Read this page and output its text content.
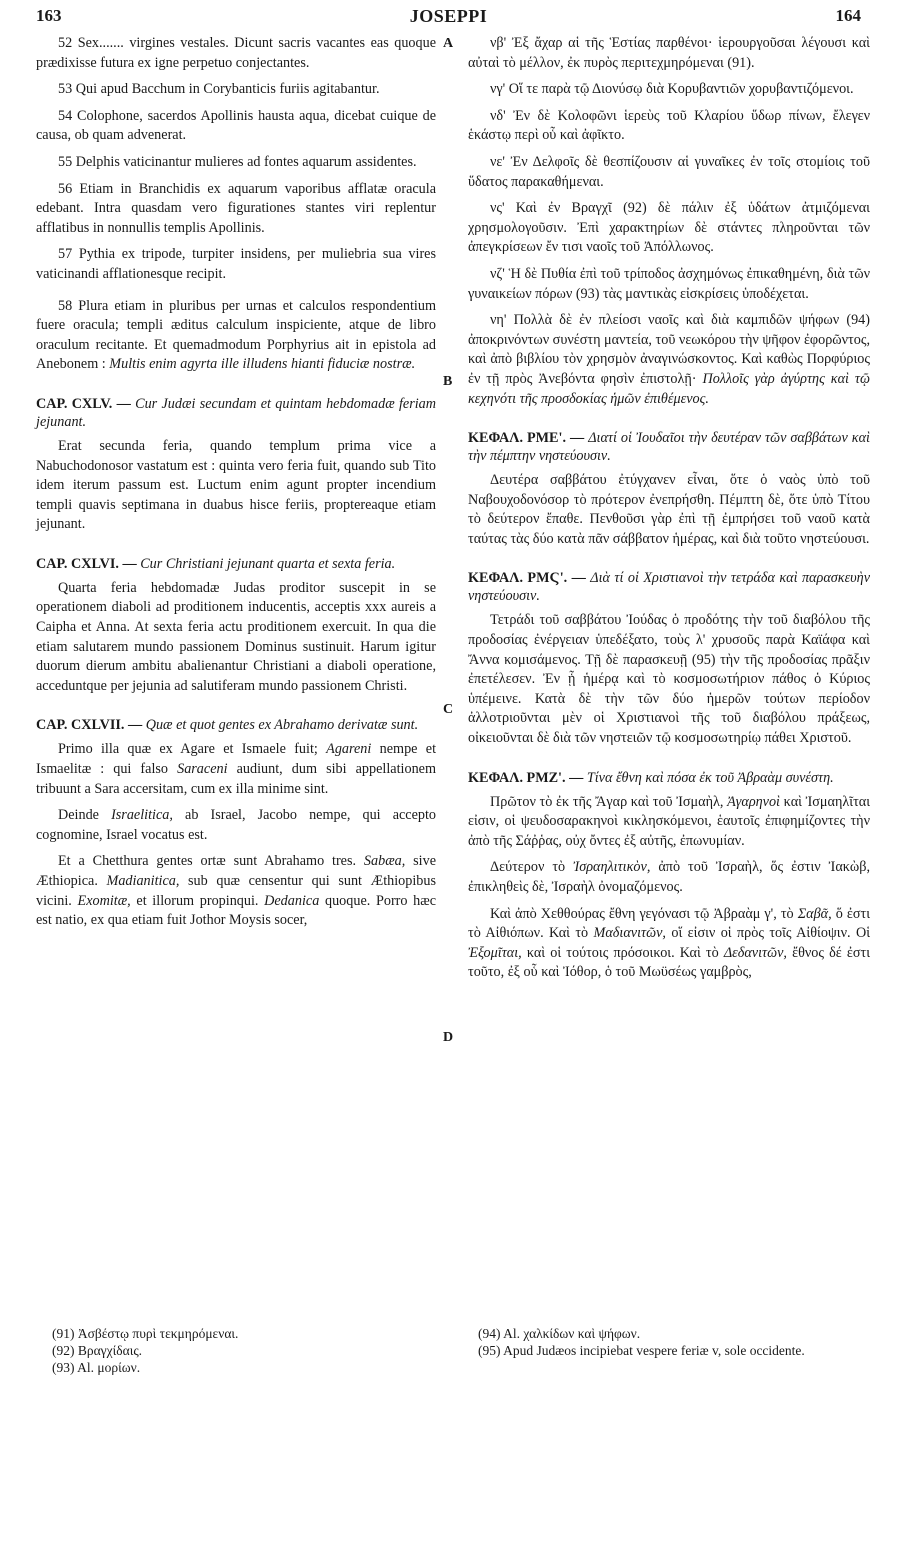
163	JOSEPPI	164
A
B
C
D

52 Sex....... virgines vestales. Dicunt sacris vacantes eas quoque prædixisse futura ex igne perpetuo conjectantes.

53 Qui apud Bacchum in Corybanticis furiis agitabantur.

54 Colophone, sacerdos Apollinis hausta aqua, dicebat cuique de causa, ob quam advenerat.

55 Delphis vaticinantur mulieres ad fontes aquarum assidentes.

56 Etiam in Branchidis ex aquarum vaporibus afflatæ oracula edebant. Intra quasdam vero figurationes stantes viri replentur afflatibus in nonnullis templis Apollinis.

57 Pythia ex tripode, turpiter insidens, per muliebria sua vires vaticinandi afflationesque recipit.

58 Plura etiam in pluribus per urnas et calculos respondentium fuere oracula; templi æditus calculum inspiciente, atque de libro oraculum recitante. Et quemadmodum Porphyrius ait in epistola ad Anebonem : Multis enim agyrta ille illudens hianti fiduciæ nostræ.

CAP. CXLV. — Cur Judæi secundam et quintam hebdomadæ feriam jejunant.

Erat secunda feria, quando templum prima vice a Nabuchodonosor vastatum est : quinta vero feria fuit, quando sub Tito idem iterum passum est. Luctum enim agunt propter incendium templi quavis septimana in duabus hisce feriis, proptereaque etiam jejunant.

CAP. CXLVI. — Cur Christiani jejunant quarta et sexta feria.

Quarta feria hebdomadæ Judas proditor suscepit in se operationem diaboli ad proditionem inducentis, acceptis xxx aureis a Caipha et Anna. At sexta feria actu proditionem exercuit. In qua die etiam salutarem mundo passionem Dominus sustinuit. Harum igitur duorum dierum ambitu abalienantur Christiani a diaboli operatione, acceduntque per jejunia ad salutiferam mundo passionem Christi.

CAP. CXLVII. — Quæ et quot gentes ex Abrahamo derivatæ sunt.

Primo illa quæ ex Agare et Ismaele fuit; Agareni nempe et Ismaelitæ : qui falso Saraceni audiunt, dum sibi appellationem tribuunt a Sara accersitam, cum ex illa minime sint.

Deinde Israelitica, ab Israel, Jacobo nempe, qui accepto cognomine, Israel vocatus est.

Et a Chetthura gentes ortæ sunt Abrahamo tres. Sabæa, sive Æthiopica. Madianitica, sub quæ censentur qui sunt Æthiopibus vicini. Exomitæ, et illorum propinqui. Dedanica quoque. Porro hæc est natio, ex qua etiam fuit Jothor Moysis socer,

νβ' Ἐξ ἄχαρ αἱ τῆς Ἑστίας παρθένοι· ἱερουργοῦσαι λέγουσι καὶ αὐταὶ τὸ μέλλον, ἐκ πυρὸς περιτεχμηρόμεναι (91).

νγ' Οἵ τε παρὰ τῷ Διονύσῳ διὰ Κορυβαντιῶν χορυβαντιζόμενοι.

νδ' Ἐν δὲ Κολοφῶνι ἱερεὺς τοῦ Κλαρίου ὕδωρ πίνων, ἔλεγεν ἑκάστῳ περὶ οὗ καὶ ἀφῖκτο.

νε' Ἐν Δελφοῖς δὲ θεσπίζουσιν αἱ γυναῖκες ἐν τοῖς στομίοις τοῦ ὕδατος παρακαθήμεναι.

νς' Καὶ ἐν Βραγχῖ (92) δὲ πάλιν ἐξ ὑδάτων ἀτμιζόμεναι χρησμολογοῦσιν. Ἐπὶ χαρακτηρίων δὲ στάντες πληροῦνται τῶν ἀπεγκρίσεων ἔν τισι ναοῖς τοῦ Ἀπόλλωνος.

νζ' Ἡ δὲ Πυθία ἐπὶ τοῦ τρίποδος ἀσχημόνως ἐπικαθημένη, διὰ τῶν γυναικείων πόρων (93) τὰς μαντικὰς εἰσκρίσεις ὑποδέχεται.

νη' Πολλὰ δὲ ἐν πλείοσι ναοῖς καὶ διὰ καμπιδῶν ψήφων (94) ἀποκρινόντων συνέστη μαντεία, τοῦ νεωκόρου τὴν ψῆφον ἐφορῶντος, καὶ ἀπὸ βιβλίου τὸν χρησμὸν ἀναγινώσκοντος. Καὶ καθὼς Πορφύριος ἐν τῇ πρὸς Ἀνεβόντα φησὶν ἐπιστολῇ· Πολλοῖς γὰρ ἀγύρτης καὶ τῷ κεχηνότι τῆς προσδοκίας ἡμῶν ἐπιθέμενος.

ΚΕΦΑΛ. ΡΜΕ'. — Διατί οἱ Ἰουδαῖοι τὴν δευτέραν τῶν σαββάτων καὶ τὴν πέμπτην νηστεύουσιν.

Δευτέρα σαββάτου ἐτύγχανεν εἶναι, ὅτε ὁ ναὸς ὑπὸ τοῦ Ναβουχοδονόσορ τὸ πρότερον ἐνεπρήσθη. Πέμπτη δὲ, ὅτε ὑπὸ Τίτου τὸ δεύτερον ἔπαθε. Πενθοῦσι γὰρ ἐπὶ τῇ ἐμπρήσει τοῦ ναοῦ κατὰ ταύτας τὰς δύο κατὰ πᾶν σάββατον ἡμέρας, καὶ διὰ τοῦτο νηστεύουσι.

ΚΕΦΑΛ. ΡΜϚ'. — Διὰ τί οἱ Χριστιανοὶ τὴν τετράδα καὶ παρασκευὴν νηστεύουσιν.

Τετράδι τοῦ σαββάτου Ἰούδας ὁ προδότης τὴν τοῦ διαβόλου τῆς προδοσίας ἐνέργειαν ὑπεδέξατο, τοὺς λ' χρυσοῦς παρὰ Καϊάφα καὶ Ἄννα κομισάμενος. Τῇ δὲ παρασκευῇ (95) τὴν τῆς προδοσίας πρᾶξιν ἐπετέλεσεν. Ἐν ᾗ ἡμέρᾳ καὶ τὸ κοσμοσωτήριον πάθος ὁ Κύριος ὑπέμεινε. Κατὰ δὲ τὴν τῶν δύο ἡμερῶν τούτων περίοδον ἀλλοτριοῦνται μὲν οἱ Χριστιανοὶ τῆς τοῦ διαβόλου πράξεως, οἰκειοῦνται δὲ διὰ τῶν νηστειῶν τῷ κοσμοσωτηρίῳ πάθει Χριστοῦ.

ΚΕΦΑΛ. ΡΜΖ'. — Τίνα ἔθνη καὶ πόσα ἐκ τοῦ Ἀβραὰμ συνέστη.

Πρῶτον τὸ ἐκ τῆς Ἄγαρ καὶ τοῦ Ἰσμαὴλ, Ἀγαρηνοὶ καὶ Ἰσμαηλῖται εἰσιν, οἱ ψευδοσαρακηνοὶ κικλησκόμενοι, ἑαυτοῖς ἐπιφημίζοντες τὴν ἀπὸ τῆς Σάῤῥας, οὐχ ὄντες ἐξ αὐτῆς, ἐπωνυμίαν.

Δεύτερον τὸ Ἰσραηλιτικὸν, ἀπὸ τοῦ Ἰσραὴλ, ὅς ἐστιν Ἰακὼβ, ἐπικληθεὶς δὲ, Ἰσραὴλ ὀνομαζόμενος.

Καὶ ἀπὸ Χεθθούρας ἔθνη γεγόνασι τῷ Ἀβραὰμ γ', τὸ Σαβᾶ, ὅ ἐστι τὸ Αἰθιόπων. Καὶ τὸ Μαδιανιτῶν, οἵ εἰσιν οἱ πρὸς τοῖς Αἰθίοψιν. Οἱ Ἐξομῖται, καὶ οἱ τούτοις πρόσοικοι. Καὶ τὸ Δεδανιτῶν, ἔθνος δέ ἐστι τοῦτο, ἐξ οὗ καὶ Ἰόθορ, ὁ τοῦ Μωϋσέως γαμβρὸς,

(91) Ἀσβέστῳ πυρὶ τεκμηρόμεναι.
(92) Βραγχίδαις.
(93) Al. μορίων.
(94) Al. χαλκίδων καὶ ψήφων.
(95) Apud Judæos incipiebat vespere feriæ v, sole occidente.
